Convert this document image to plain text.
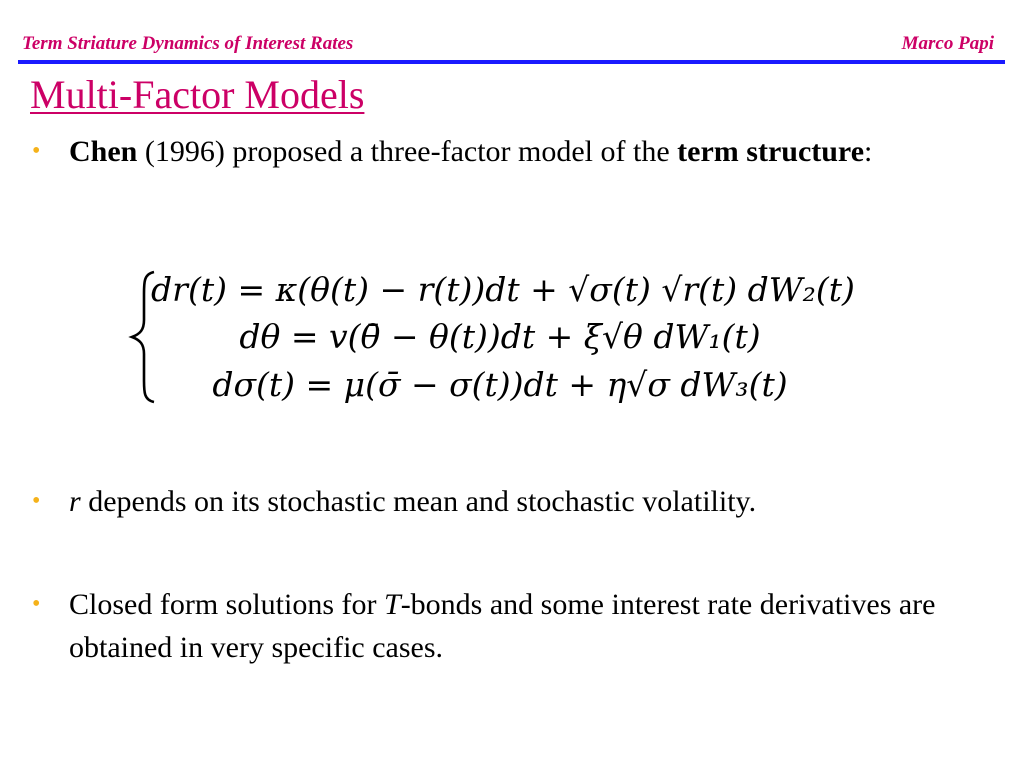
Term Striature Dynamics of Interest Rates	Marco Papi
Multi-Factor Models
• Chen (1996) proposed a three-factor model of the term structure:
dr(t) = κ(θ(t) − r(t))dt + √σ(t) √r(t) dW₂(t)
dθ = v(θ̄ − θ(t))dt + ξ√θ dW₁(t)
dσ(t) = μ(σ̄ − σ(t))dt + η√σ dW₃(t)
• r depends on its stochastic mean and stochastic volatility.
• Closed form solutions for T-bonds and some interest rate derivatives are obtained in very specific cases.
